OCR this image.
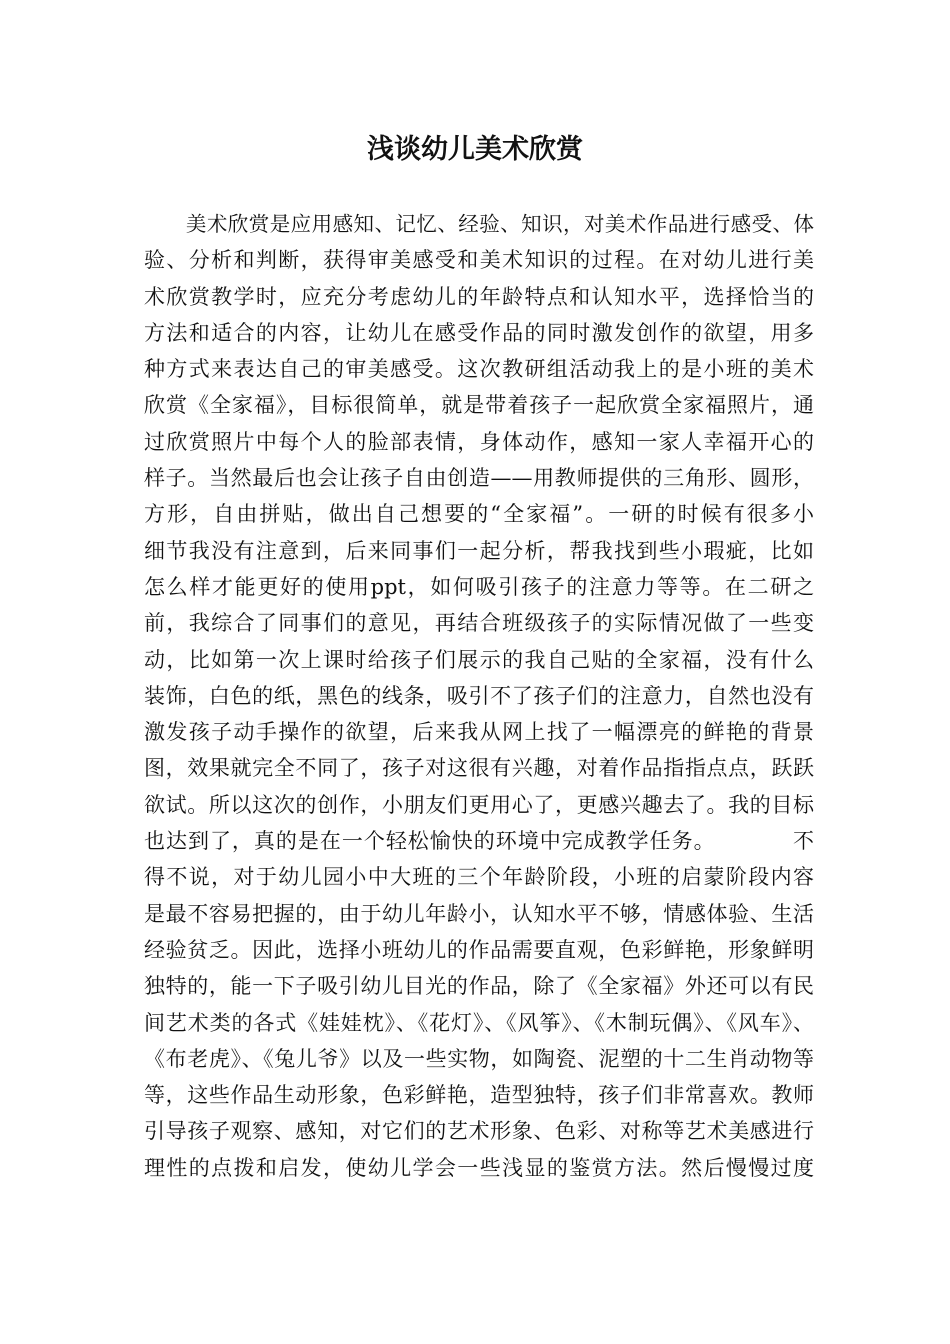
浅谈幼儿美术欣赏
　　美术欣赏是应用感知、记忆、经验、知识，对美术作品进行感受、体
验、分析和判断，获得审美感受和美术知识的过程。在对幼儿进行美
术欣赏教学时，应充分考虑幼儿的年龄特点和认知水平，选择恰当的
方法和适合的内容，让幼儿在感受作品的同时激发创作的欲望，用多
种方式来表达自己的审美感受。这次教研组活动我上的是小班的美术
欣赏《全家福》，目标很简单，就是带着孩子一起欣赏全家福照片，通
过欣赏照片中每个人的脸部表情，身体动作，感知一家人幸福开心的
样子。当然最后也会让孩子自由创造——用教师提供的三角形、圆形，
方形，自由拼贴，做出自己想要的“全家福”。一研的时候有很多小
细节我没有注意到，后来同事们一起分析，帮我找到些小瑕疵，比如
怎么样才能更好的使用ppt，如何吸引孩子的注意力等等。在二研之
前，我综合了同事们的意见，再结合班级孩子的实际情况做了一些变
动，比如第一次上课时给孩子们展示的我自己贴的全家福，没有什么
装饰，白色的纸，黑色的线条，吸引不了孩子们的注意力，自然也没有
激发孩子动手操作的欲望，后来我从网上找了一幅漂亮的鲜艳的背景
图，效果就完全不同了，孩子对这很有兴趣，对着作品指指点点，跃跃
欲试。所以这次的创作，小朋友们更用心了，更感兴趣去了。我的目标
也达到了，真的是在一个轻松愉快的环境中完成教学任务。　　　　不
得不说，对于幼儿园小中大班的三个年龄阶段，小班的启蒙阶段内容
是最不容易把握的，由于幼儿年龄小，认知水平不够，情感体验、生活
经验贫乏。因此，选择小班幼儿的作品需要直观，色彩鲜艳，形象鲜明
独特的，能一下子吸引幼儿目光的作品，除了《全家福》外还可以有民
间艺术类的各式《娃娃枕》、《花灯》、《风筝》、《木制玩偶》、《风车》、
《布老虎》、《兔儿爷》以及一些实物，如陶瓷、泥塑的十二生肖动物等
等，这些作品生动形象，色彩鲜艳，造型独特，孩子们非常喜欢。教师
引导孩子观察、感知，对它们的艺术形象、色彩、对称等艺术美感进行
理性的点拨和启发，使幼儿学会一些浅显的鉴赏方法。然后慢慢过度
